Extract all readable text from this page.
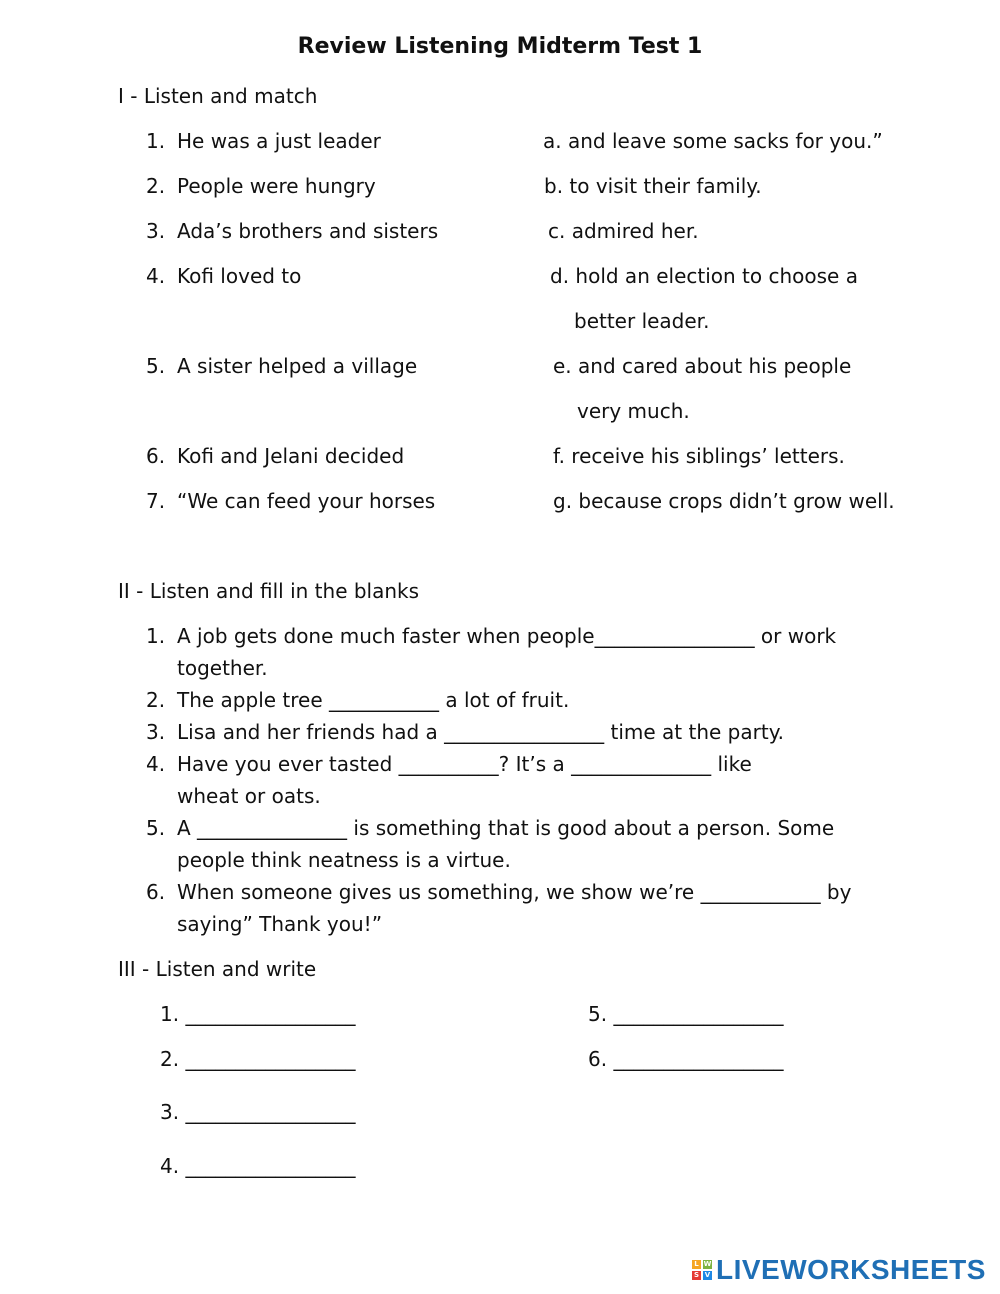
Review Listening Midterm Test 1
I - Listen and match
1. He was a just leader
2. People were hungry
3. Ada’s brothers and sisters
4. Kofi loved to
5. A sister helped a village
6. Kofi and Jelani decided
7. “We can feed your horses
a. and leave some sacks for you.”
b. to visit their family.
c. admired her.
d. hold an election to choose a
better leader.
e. and cared about his people
very much.
f. receive his siblings’ letters.
g. because crops didn’t grow well.
II - Listen and fill in the blanks
1. A job gets done much faster when people________________ or work
together.
2. The apple tree ___________ a lot of fruit.
3. Lisa and her friends had a ________________ time at the party.
4. Have you ever tasted __________? It’s a ______________ like
wheat or oats.
5. A _______________ is something that is good about a person. Some
people think neatness is a virtue.
6. When someone gives us something, we show we’re ____________ by
saying” Thank you!”
III - Listen and write
1. _________________
2. _________________
3. _________________
4. _________________
5. _________________
6. _________________
L W
S V LIVEWORKSHEETS
